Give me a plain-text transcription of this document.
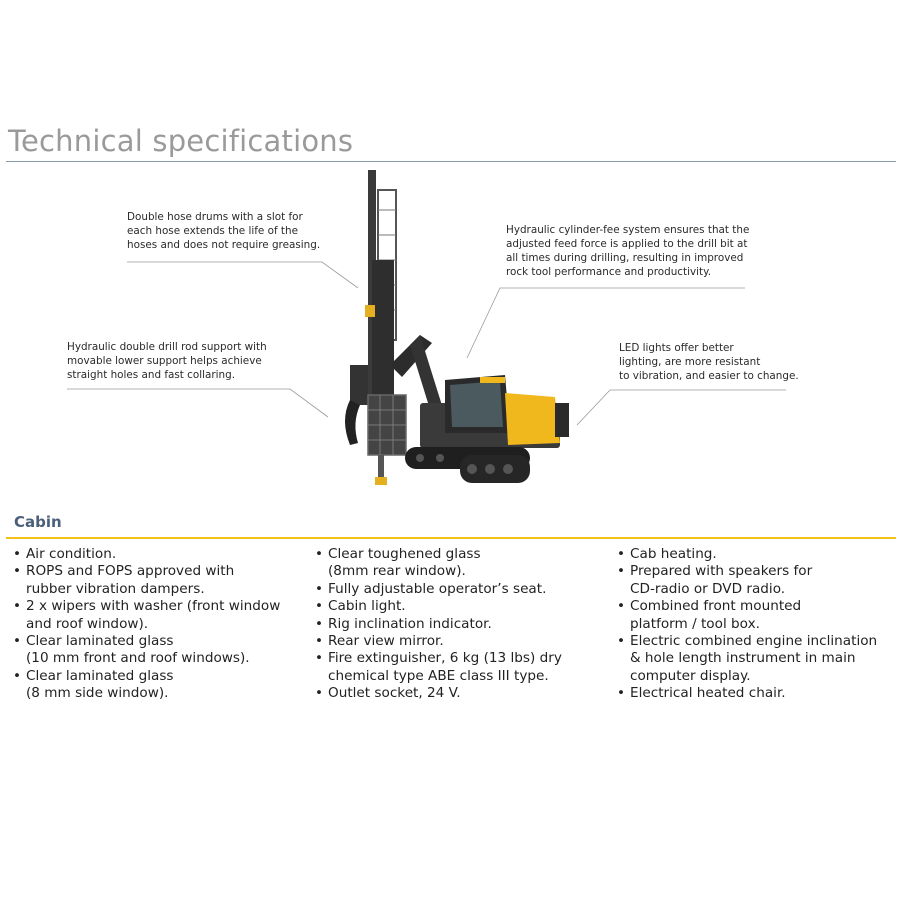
Technical specifications
Double hose drums with a slot for
each hose extends the life of the
hoses and does not require greasing.
Hydraulic cylinder-fee system ensures that the
adjusted feed force is applied to the drill bit at
all times during drilling, resulting in improved
rock tool performance and productivity.
Hydraulic double drill rod support with
movable lower support helps achieve
straight holes and fast collaring.
LED lights offer better
lighting, are more resistant
to vibration, and easier to change.
Cabin
• Air condition.
• ROPS and FOPS approved with
rubber vibration dampers.
• 2 x wipers with washer (front window
and roof window).
• Clear laminated glass
(10 mm front and roof windows).
• Clear laminated glass
(8 mm side window).
• Clear toughened glass
(8mm rear window).
• Fully adjustable operator’s seat.
• Cabin light.
• Rig inclination indicator.
• Rear view mirror.
• Fire extinguisher, 6 kg (13 lbs) dry
chemical type ABE class III type.
• Outlet socket, 24 V.
• Cab heating.
• Prepared with speakers for
CD-radio or DVD radio.
• Combined front mounted
platform / tool box.
• Electric combined engine inclination
& hole length instrument in main
computer display.
• Electrical heated chair.
